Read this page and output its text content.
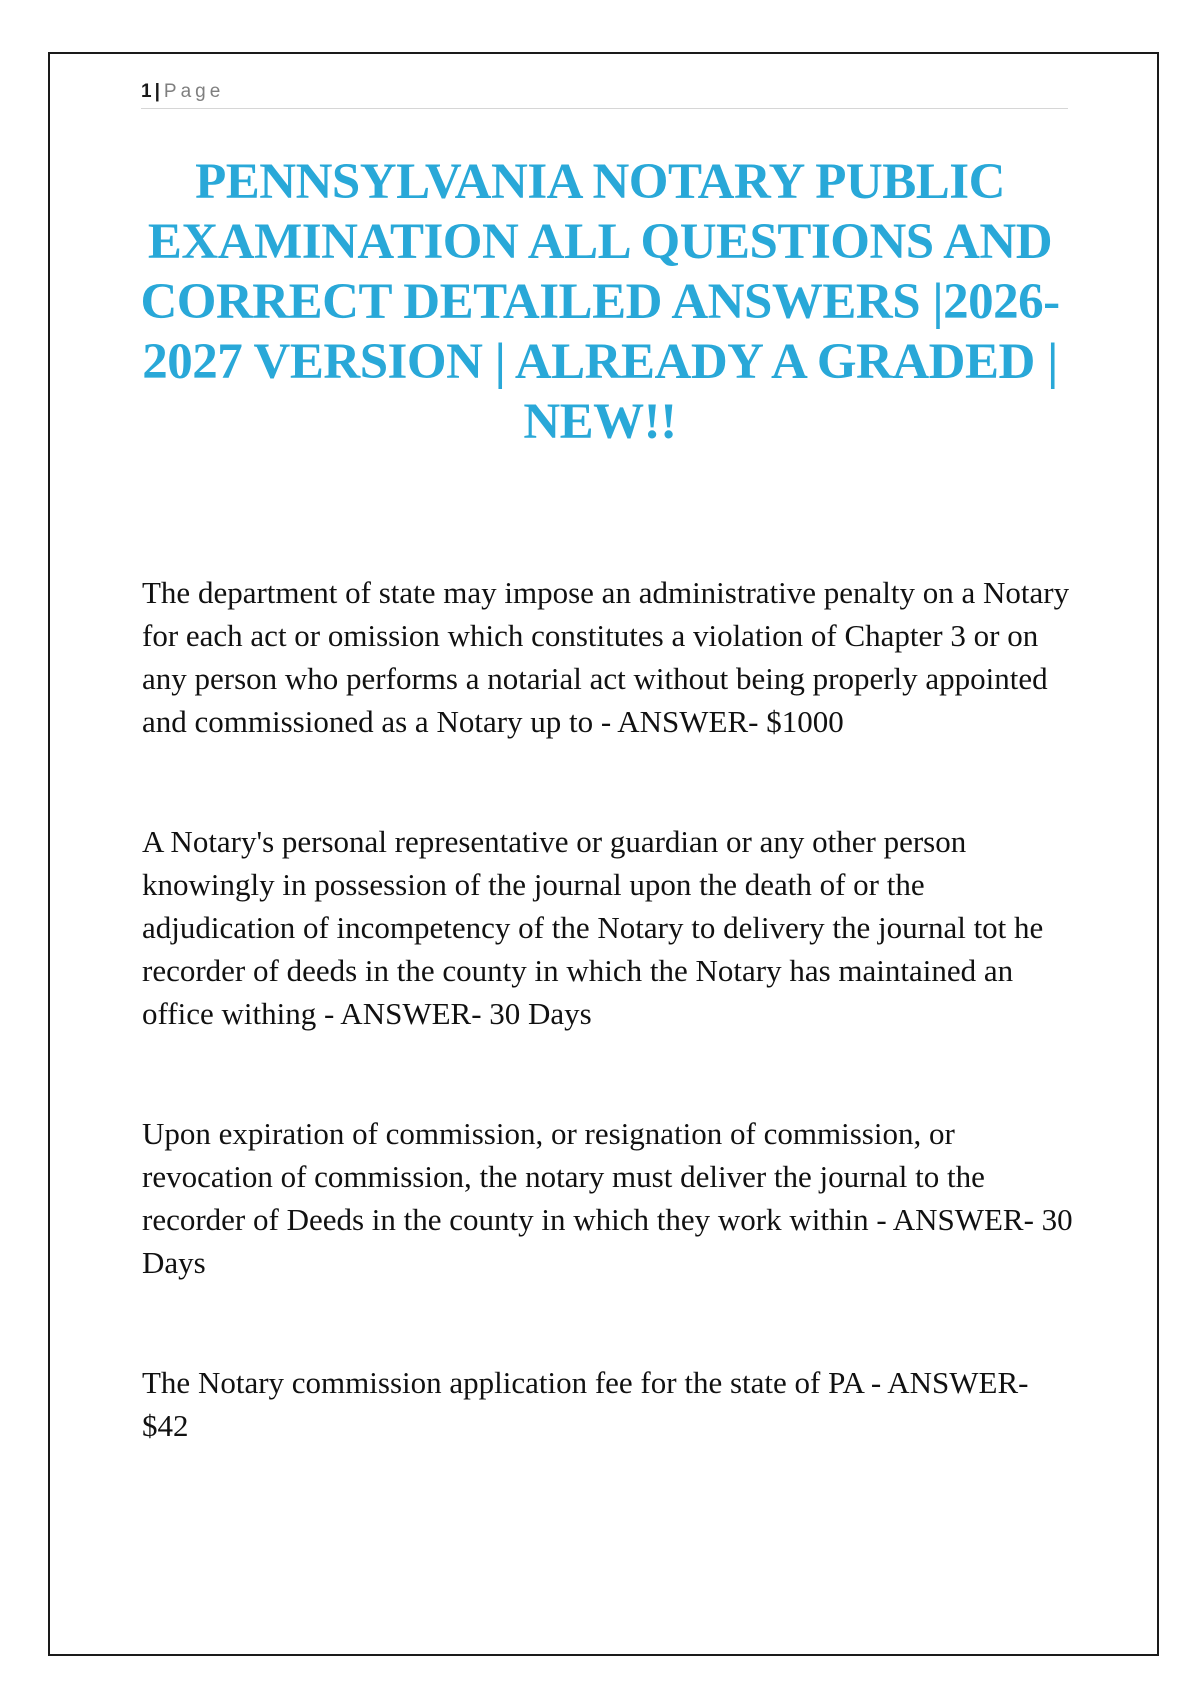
1 | Page
PENNSYLVANIA NOTARY PUBLIC EXAMINATION ALL QUESTIONS AND CORRECT DETAILED ANSWERS |2026-2027 VERSION | ALREADY A GRADED | NEW!!

The department of state may impose an administrative penalty on a Notary for each act or omission which constitutes a violation of Chapter 3 or on any person who performs a notarial act without being properly appointed and commissioned as a Notary up to - ANSWER- $1000

A Notary's personal representative or guardian or any other person knowingly in possession of the journal upon the death of or the adjudication of incompetency of the Notary to delivery the journal tot he recorder of deeds in the county in which the Notary has maintained an office withing - ANSWER- 30 Days

Upon expiration of commission, or resignation of commission, or revocation of commission, the notary must deliver the journal to the recorder of Deeds in the county in which they work within - ANSWER- 30 Days

The Notary commission application fee for the state of PA - ANSWER- $42
